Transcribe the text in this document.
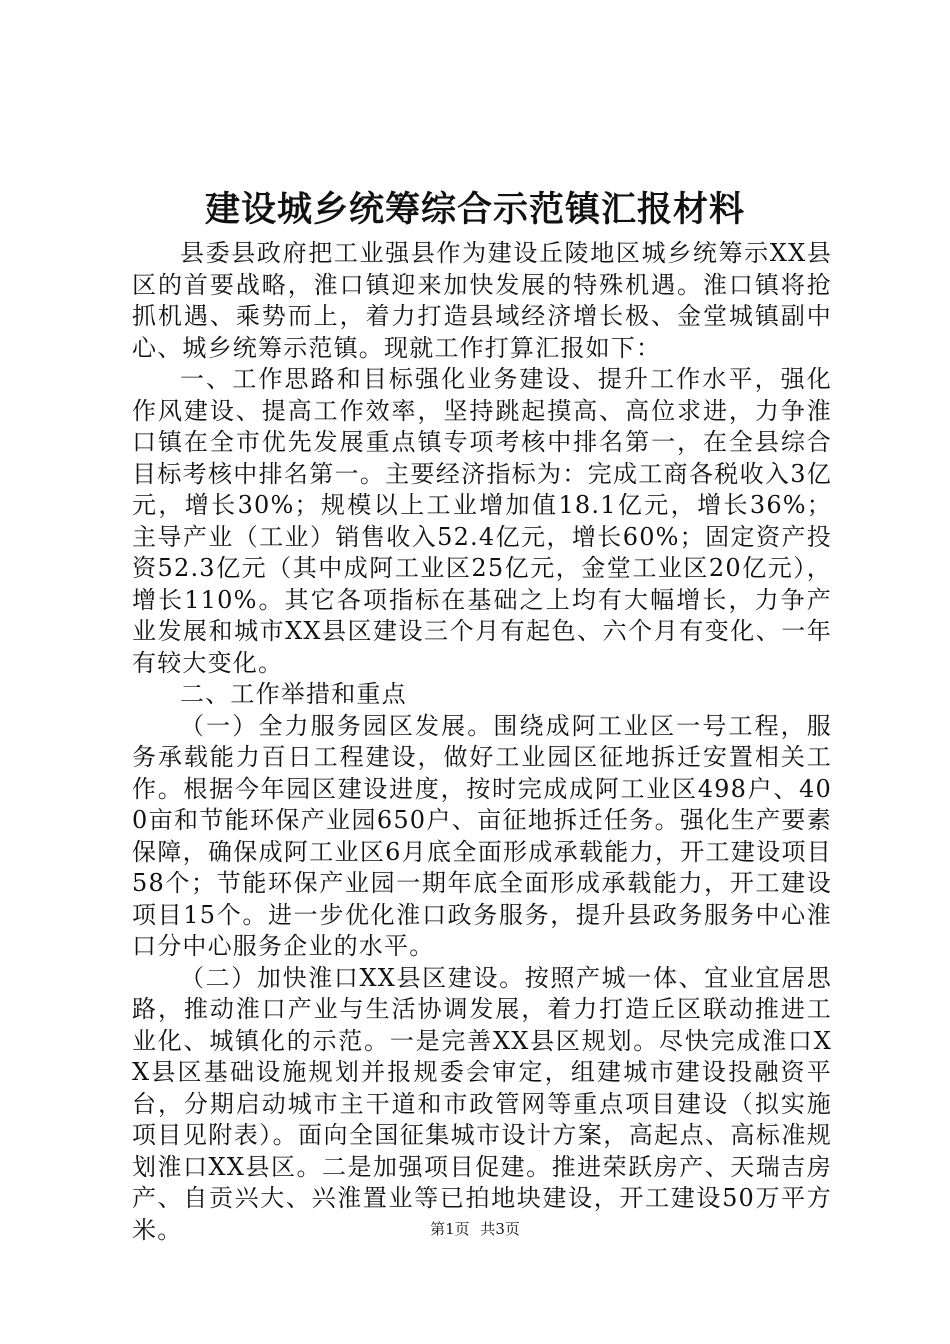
建设城乡统筹综合示范镇汇报材料

县委县政府把工业强县作为建设丘陵地区城乡统筹示XX县区的首要战略，淮口镇迎来加快发展的特殊机遇。淮口镇将抢抓机遇、乘势而上，着力打造县域经济增长极、金堂城镇副中心、城乡统筹示范镇。现就工作打算汇报如下：

一、工作思路和目标强化业务建设、提升工作水平，强化作风建设、提高工作效率，坚持跳起摸高、高位求进，力争淮口镇在全市优先发展重点镇专项考核中排名第一，在全县综合目标考核中排名第一。主要经济指标为：完成工商各税收入3亿元，增长30%；规模以上工业增加值18.1亿元，增长36%；主导产业（工业）销售收入52.4亿元，增长60%；固定资产投资52.3亿元（其中成阿工业区25亿元，金堂工业区20亿元），增长110%。其它各项指标在基础之上均有大幅增长，力争产业发展和城市XX县区建设三个月有起色、六个月有变化、一年有较大变化。

二、工作举措和重点

（一）全力服务园区发展。围绕成阿工业区一号工程，服务承载能力百日工程建设，做好工业园区征地拆迁安置相关工作。根据今年园区建设进度，按时完成成阿工业区498户、400亩和节能环保产业园650户、亩征地拆迁任务。强化生产要素保障，确保成阿工业区6月底全面形成承载能力，开工建设项目58个；节能环保产业园一期年底全面形成承载能力，开工建设项目15个。进一步优化淮口政务服务，提升县政务服务中心淮口分中心服务企业的水平。

（二）加快淮口XX县区建设。按照产城一体、宜业宜居思路，推动淮口产业与生活协调发展，着力打造丘区联动推进工业化、城镇化的示范。一是完善XX县区规划。尽快完成淮口XX县区基础设施规划并报规委会审定，组建城市建设投融资平台，分期启动城市主干道和市政管网等重点项目建设（拟实施项目见附表）。面向全国征集城市设计方案，高起点、高标准规划淮口XX县区。二是加强项目促建。推进荣跃房产、天瑞吉房产、自贡兴大、兴淮置业等已拍地块建设，开工建设50万平方米。	第1页 共3页
